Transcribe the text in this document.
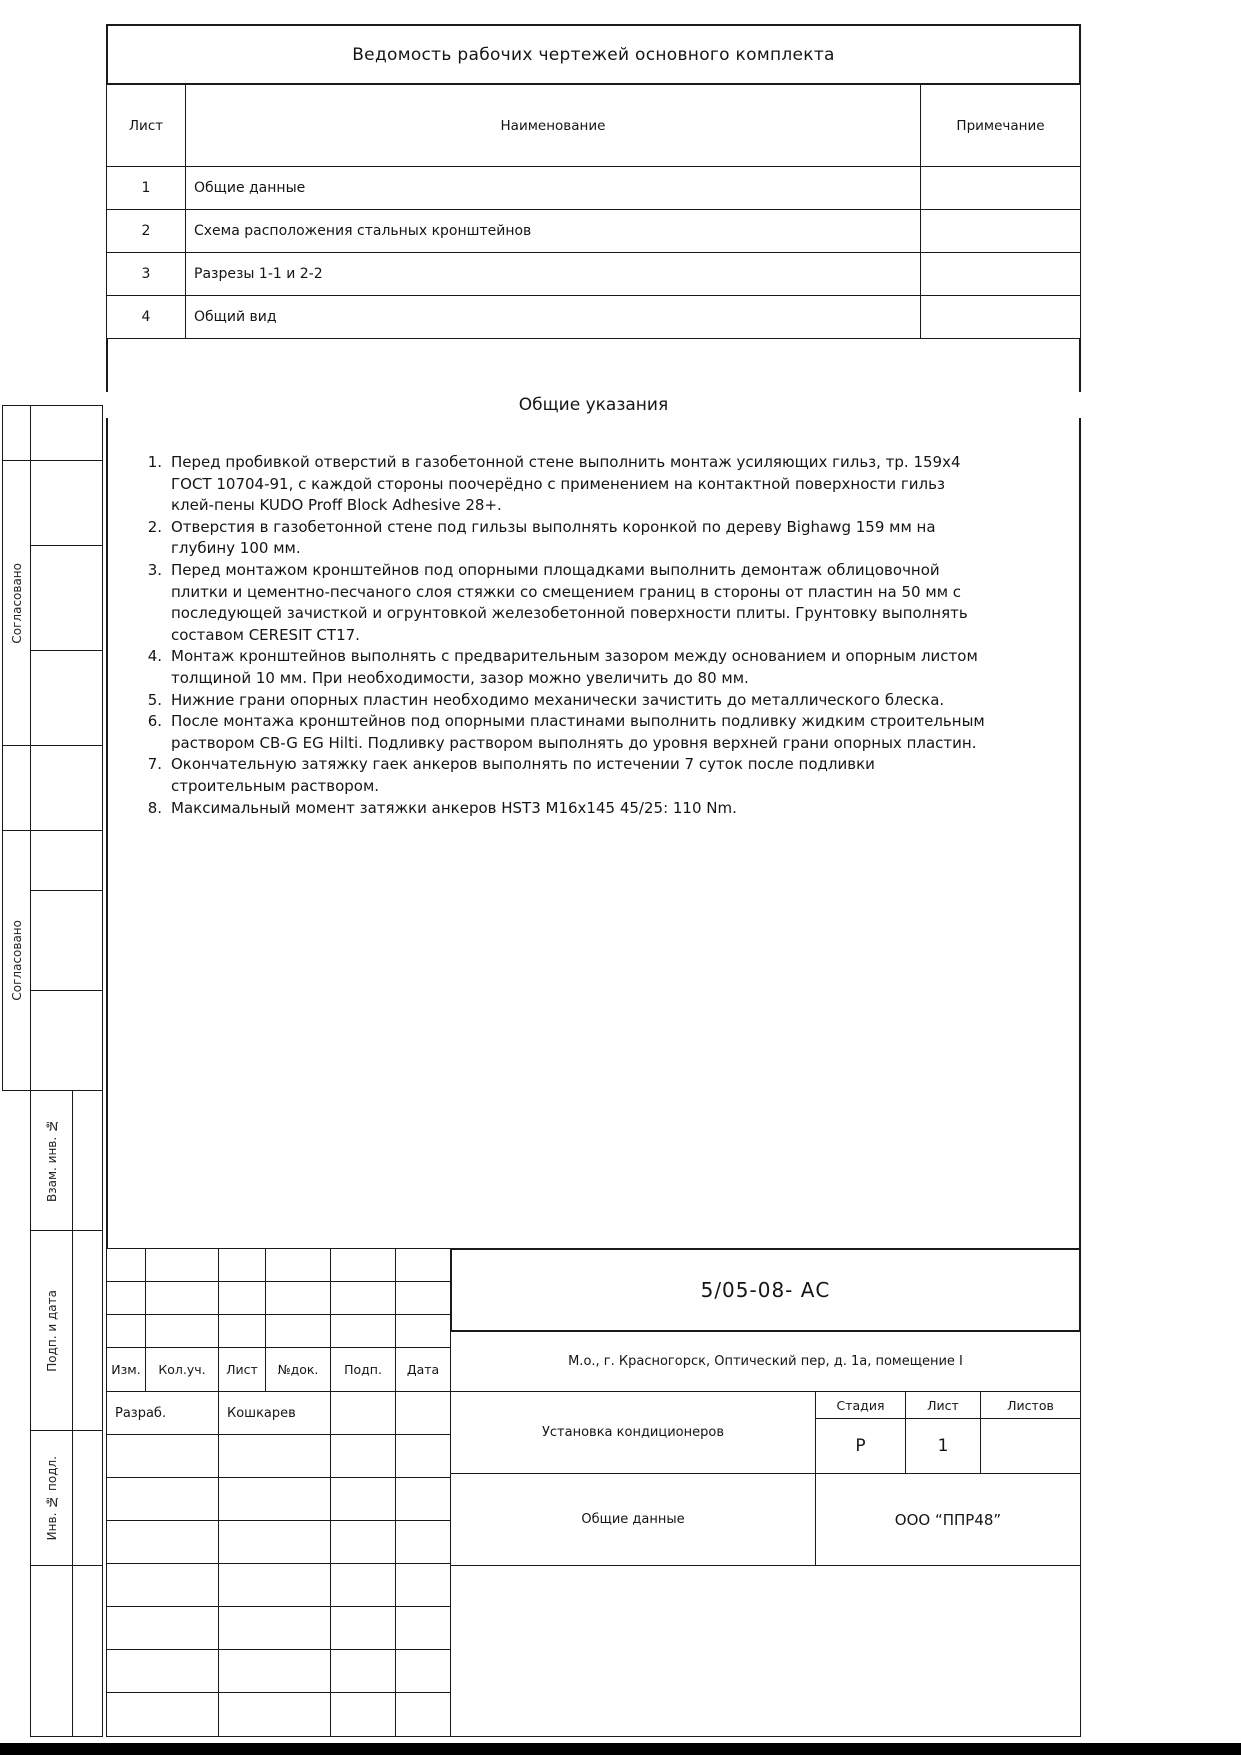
Ведомость рабочих чертежей основного комплекта
Лист	Наименование	Примечание
1	Общие данные
2	Схема расположения стальных кронштейнов
3	Разрезы 1-1 и 2-2
4	Общий вид
Общие указания
1. Перед пробивкой отверстий в газобетонной стене выполнить монтаж усиляющих гильз, тр. 159х4 ГОСТ 10704-91, с каждой стороны поочерёдно с применением на контактной поверхности гильз клей-пены KUDO Proff Block Adhesive 28+.
2. Отверстия в газобетонной стене под гильзы выполнять коронкой по дереву Bighawg 159 мм на глубину 100 мм.
3. Перед монтажом кронштейнов под опорными площадками выполнить демонтаж облицовочной плитки и цементно-песчаного слоя стяжки со смещением границ в стороны от пластин на 50 мм с последующей зачисткой и огрунтовкой железобетонной поверхности плиты. Грунтовку выполнять составом CERESIT СТ17.
4. Монтаж кронштейнов выполнять с предварительным зазором между основанием и опорным листом толщиной 10 мм. При необходимости, зазор можно увеличить до 80 мм.
5. Нижние грани опорных пластин необходимо механически зачистить до металлического блеска.
6. После монтажа кронштейнов под опорными пластинами выполнить подливку жидким строительным раствором CB-G EG Hilti. Подливку раствором выполнять до уровня верхней грани опорных пластин.
7. Окончательную затяжку гаек анкеров выполнять по истечении 7 суток после подливки строительным раствором.
8. Максимальный момент затяжки анкеров HST3 M16x145 45/25: 110 Nm.
Согласовано
Согласовано
Взам. инв. №
Подп. и дата
Инв. № подл.
Изм.	Кол.уч.	Лист	№док.	Подп.	Дата
Разраб.	Кошкарев
5/05-08- АС
М.о., г. Красногорск, Оптический пер, д. 1а, помещение I
Установка кондиционеров
Стадия	Лист	Листов
Р	1
Общие данные	ООО “ППР48”
